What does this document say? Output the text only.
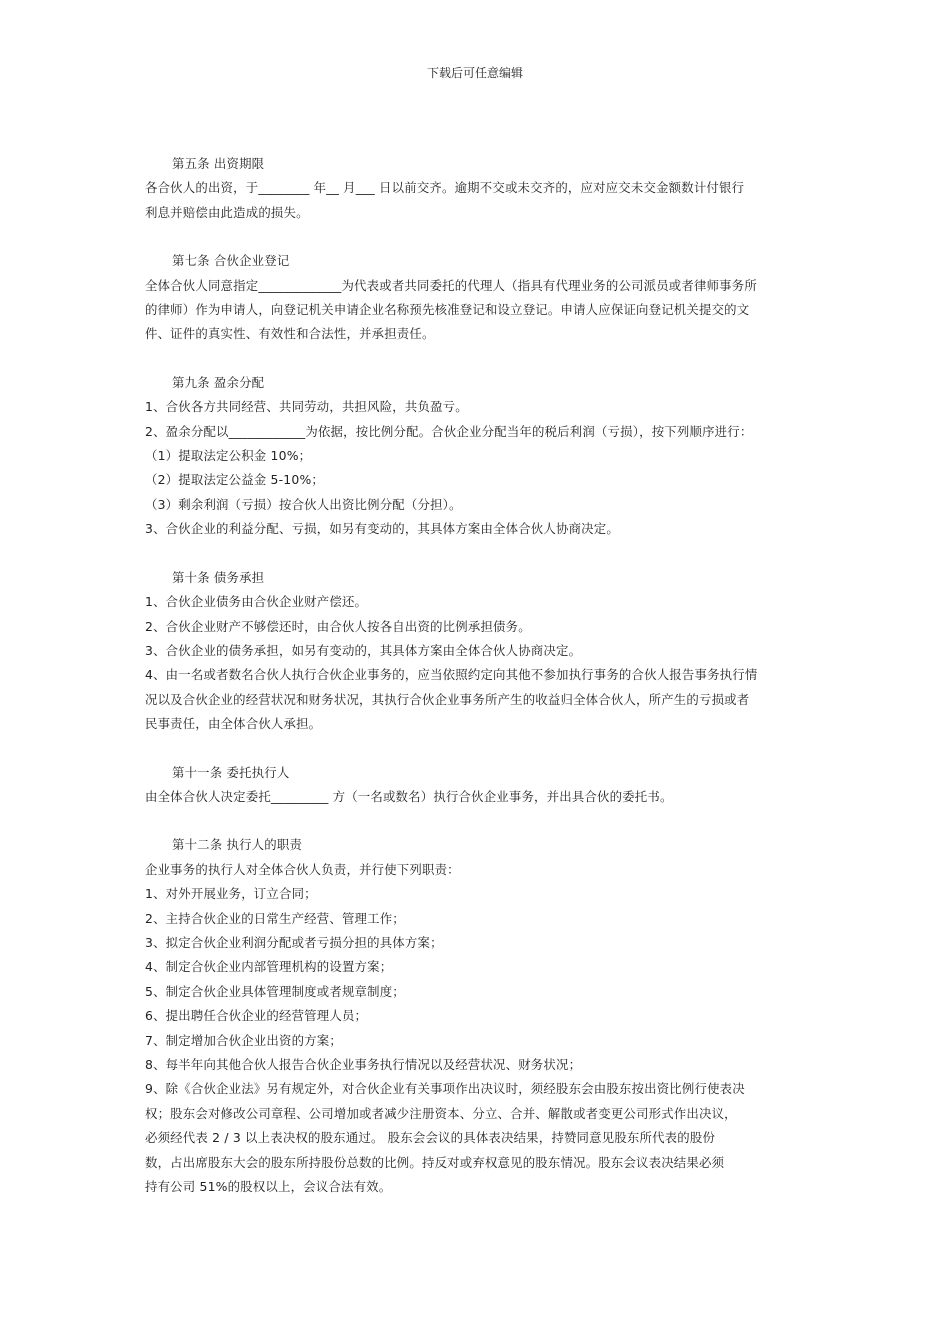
下载后可任意编辑

第五条 出资期限

各合伙人的出资，于________ 年__ 月___ 日以前交齐。逾期不交或未交齐的，应对应交未交金额数计付银行

利息并赔偿由此造成的损失。

第七条 合伙企业登记

全体合伙人同意指定_____________为代表或者共同委托的代理人（指具有代理业务的公司派员或者律师事务所

的律师）作为申请人，向登记机关申请企业名称预先核准登记和设立登记。申请人应保证向登记机关提交的文

件、证件的真实性、有效性和合法性，并承担责任。

第九条 盈余分配

1、合伙各方共同经营、共同劳动，共担风险，共负盈亏。

2、盈余分配以____________为依据，按比例分配。合伙企业分配当年的税后利润（亏损），按下列顺序进行：

（1）提取法定公积金 10%；

（2）提取法定公益金 5-10%；

（3）剩余利润（亏损）按合伙人出资比例分配（分担）。

3、合伙企业的利益分配、亏损，如另有变动的，其具体方案由全体合伙人协商决定。

第十条 债务承担

1、合伙企业债务由合伙企业财产偿还。

2、合伙企业财产不够偿还时，由合伙人按各自出资的比例承担债务。

3、合伙企业的债务承担，如另有变动的，其具体方案由全体合伙人协商决定。

4、由一名或者数名合伙人执行合伙企业事务的，应当依照约定向其他不参加执行事务的合伙人报告事务执行情

况以及合伙企业的经营状况和财务状况，其执行合伙企业事务所产生的收益归全体合伙人，所产生的亏损或者

民事责任，由全体合伙人承担。

第十一条 委托执行人

由全体合伙人决定委托_________ 方（一名或数名）执行合伙企业事务，并出具合伙的委托书。

第十二条 执行人的职责

企业事务的执行人对全体合伙人负责，并行使下列职责：

1、对外开展业务，订立合同；

2、主持合伙企业的日常生产经营、管理工作；

3、拟定合伙企业利润分配或者亏损分担的具体方案；

4、制定合伙企业内部管理机构的设置方案；

5、制定合伙企业具体管理制度或者规章制度；

6、提出聘任合伙企业的经营管理人员；

7、制定增加合伙企业出资的方案；

8、每半年向其他合伙人报告合伙企业事务执行情况以及经营状况、财务状况；

9、除《合伙企业法》另有规定外，对合伙企业有关事项作出决议时，须经股东会由股东按出资比例行使表决

权；股东会对修改公司章程、公司增加或者减少注册资本、分立、合并、解散或者变更公司形式作出决议，

必须经代表 2 / 3 以上表决权的股东通过。 股东会会议的具体表决结果，持赞同意见股东所代表的股份

数，占出席股东大会的股东所持股份总数的比例。持反对或弃权意见的股东情况。股东会议表决结果必须

持有公司 51%的股权以上，会议合法有效。
